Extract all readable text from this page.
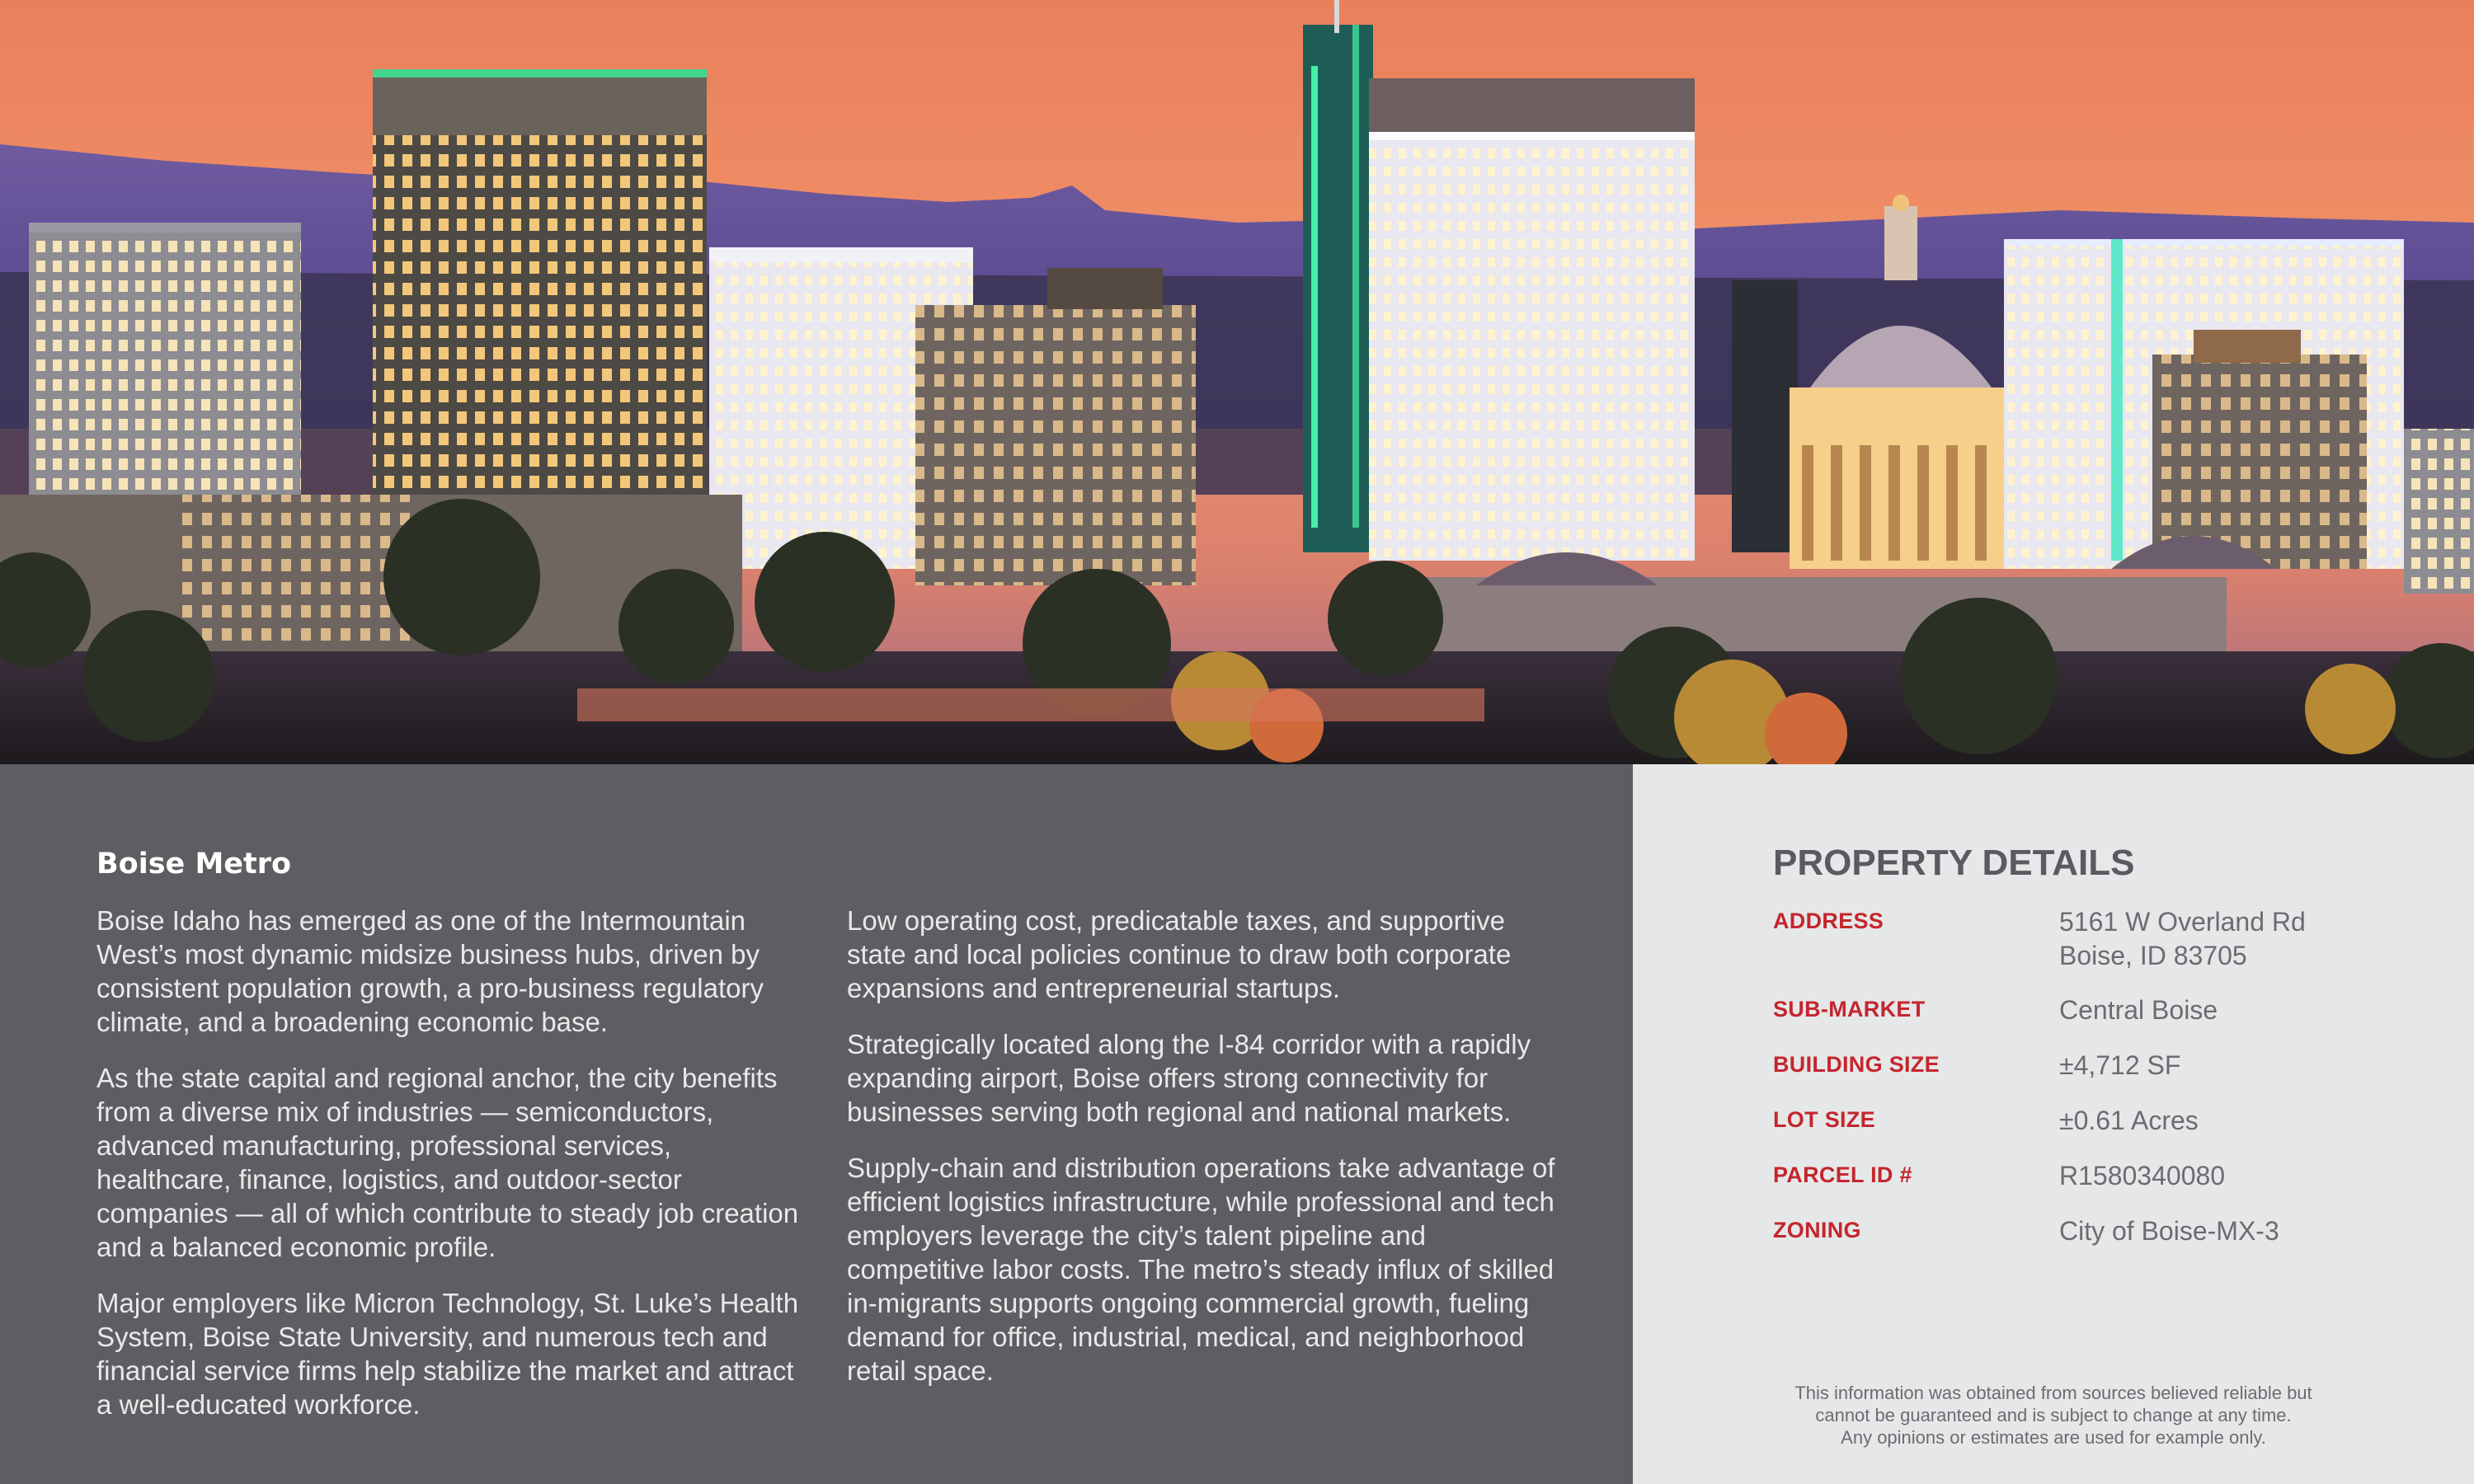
Boise Metro

Boise Idaho has emerged as one of the Intermountain West’s most dynamic midsize business hubs, driven by consistent population growth, a pro-business regulatory climate, and a broadening economic base.

As the state capital and regional anchor, the city benefits from a diverse mix of industries — semiconductors, advanced manufacturing, professional services, healthcare, finance, logistics, and outdoor-sector companies — all of which contribute to steady job creation and a balanced economic profile.

Major employers like Micron Technology, St. Luke’s Health System, Boise State University, and numerous tech and financial service firms help stabilize the market and attract a well-educated workforce.

Low operating cost, predicatable taxes, and supportive state and local policies continue to draw both corporate expansions and entrepreneurial startups.

Strategically located along the I-84 corridor with a rapidly expanding airport, Boise offers strong connectivity for businesses serving both regional and national markets.

Supply-chain and distribution operations take advantage of efficient logistics infrastructure, while professional and tech employers leverage the city’s talent pipeline and competitive labor costs. The metro’s steady influx of skilled in-migrants supports ongoing commercial growth, fueling demand for office, industrial, medical, and neighborhood retail space.

PROPERTY DETAILS
ADDRESS	5161 W Overland Rd
Boise, ID 83705
SUB-MARKET	Central Boise
BUILDING SIZE	±4,712 SF
LOT SIZE	±0.61 Acres
PARCEL ID #	R1580340080
ZONING	City of Boise-MX-3
This information was obtained from sources believed reliable but
cannot be guaranteed and is subject to change at any time.
Any opinions or estimates are used for example only.
